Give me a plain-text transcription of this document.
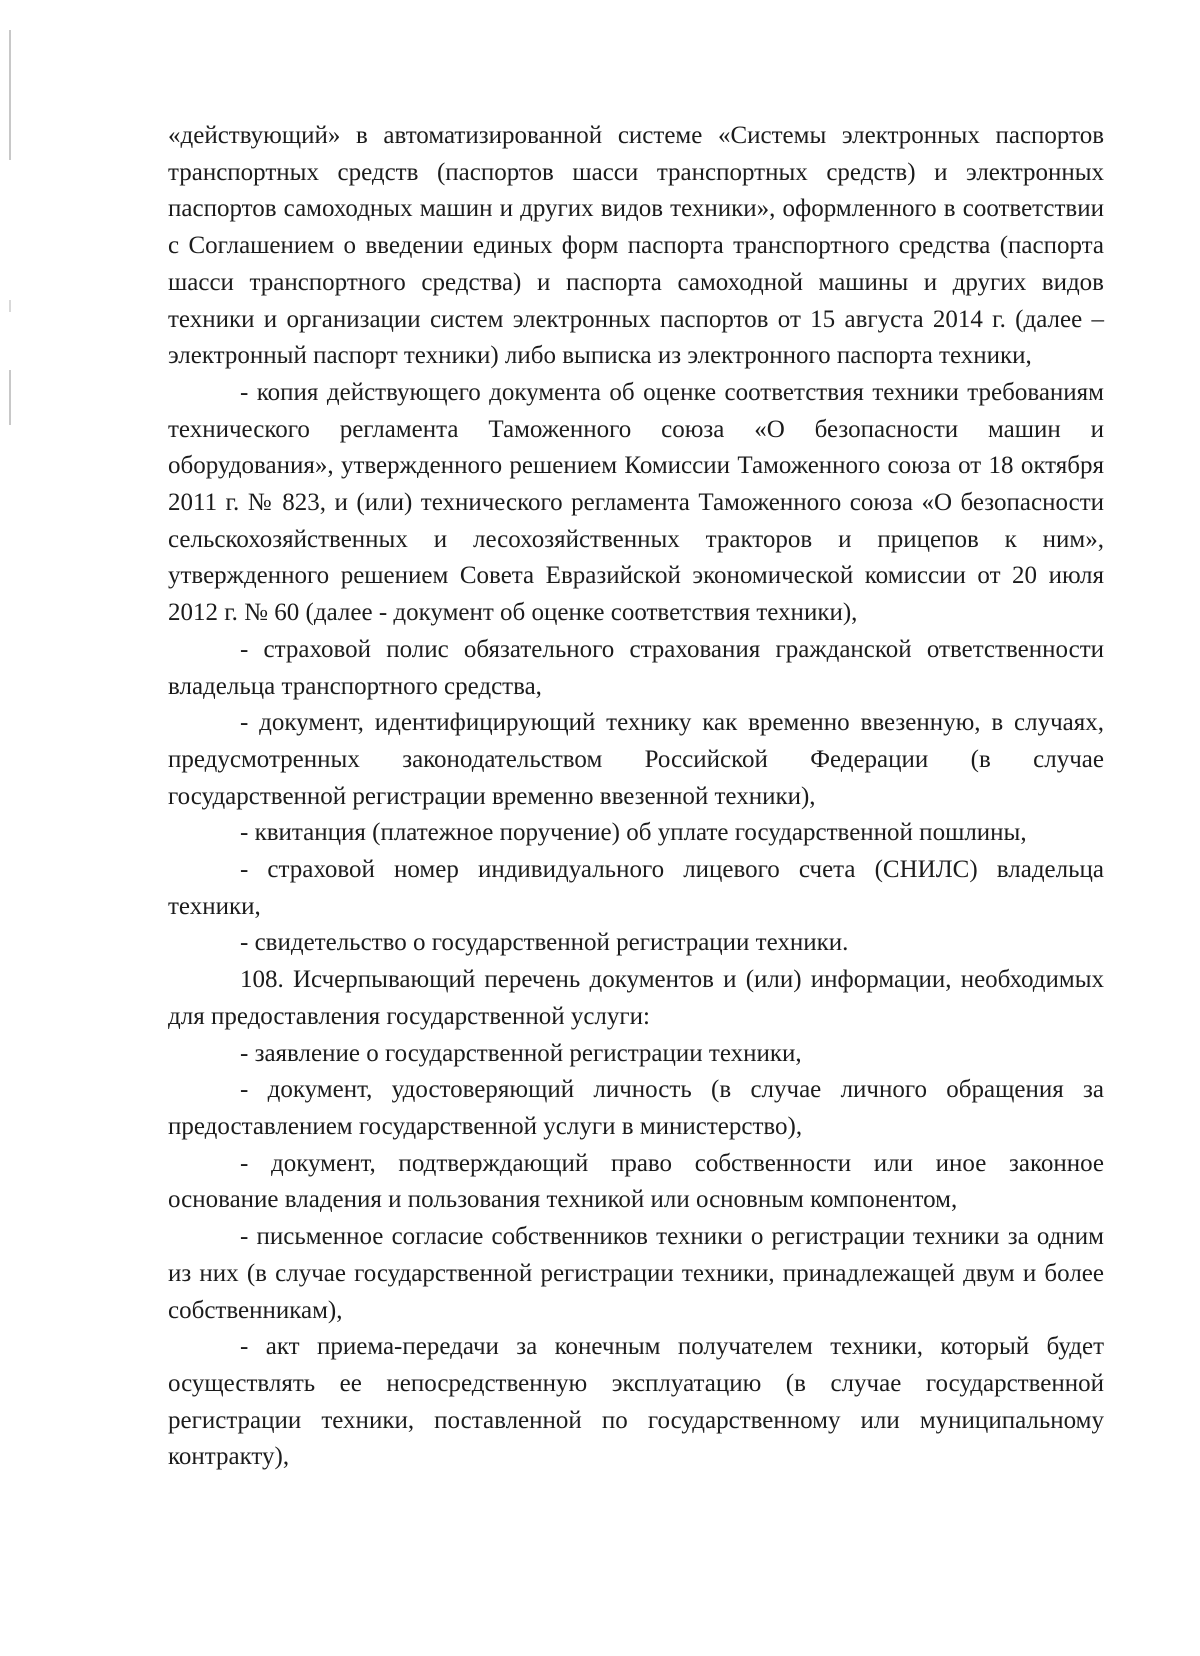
«действующий» в автоматизированной системе «Системы электронных паспортов транспортных средств (паспортов шасси транспортных средств) и электронных паспортов самоходных машин и других видов техники», оформленного в соответствии с Соглашением о введении единых форм паспорта транспортного средства (паспорта шасси транспортного средства) и паспорта самоходной машины и других видов техники и организации систем электронных паспортов от 15 августа 2014 г. (далее – электронный паспорт техники) либо выписка из электронного паспорта техники,

- копия действующего документа об оценке соответствия техники требованиям технического регламента Таможенного союза «О безопасности машин и оборудования», утвержденного решением Комиссии Таможенного союза от 18 октября 2011 г. № 823, и (или) технического регламента Таможенного союза «О безопасности сельскохозяйственных и лесохозяйственных тракторов и прицепов к ним», утвержденного решением Совета Евразийской экономической комиссии от 20 июля 2012 г. № 60 (далее - документ об оценке соответствия техники),

- страховой полис обязательного страхования гражданской ответственности владельца транспортного средства,

- документ, идентифицирующий технику как временно ввезенную, в случаях, предусмотренных законодательством Российской Федерации (в случае государственной регистрации временно ввезенной техники),

- квитанция (платежное поручение) об уплате государственной пошлины,

- страховой номер индивидуального лицевого счета (СНИЛС) владельца техники,

- свидетельство о государственной регистрации техники.

108. Исчерпывающий перечень документов и (или) информации, необходимых для предоставления государственной услуги:

- заявление о государственной регистрации техники,

- документ, удостоверяющий личность (в случае личного обращения за предоставлением государственной услуги в министерство),

- документ, подтверждающий право собственности или иное законное основание владения и пользования техникой или основным компонентом,

- письменное согласие собственников техники о регистрации техники за одним из них (в случае государственной регистрации техники, принадлежащей двум и более собственникам),

- акт приема-передачи за конечным получателем техники, который будет осуществлять ее непосредственную эксплуатацию (в случае государственной регистрации техники, поставленной по государственному или муниципальному контракту),
